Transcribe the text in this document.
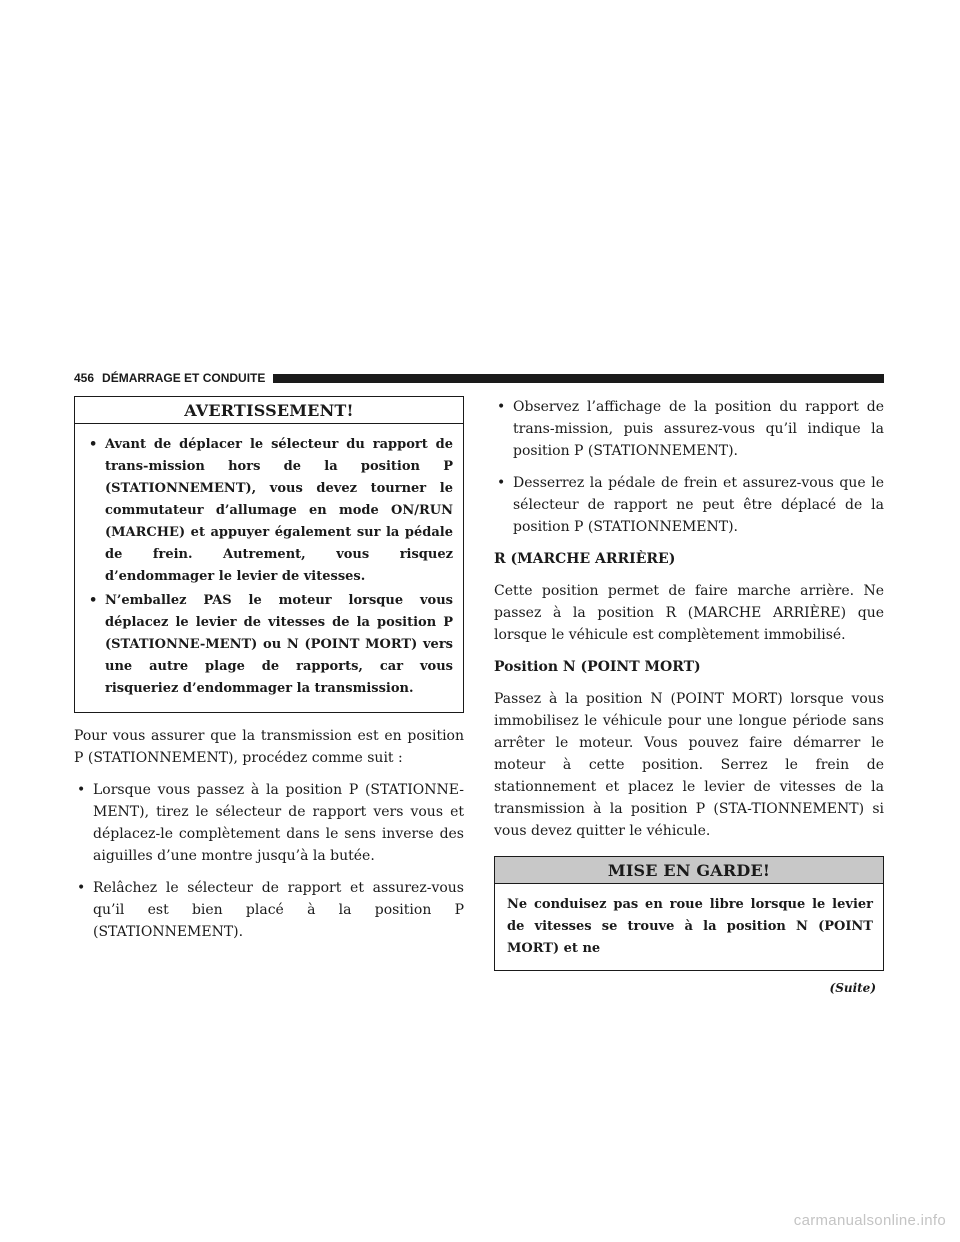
456 DÉMARRAGE ET CONDUITE
AVERTISSEMENT!
• Avant de déplacer le sélecteur du rapport de trans-mission hors de la position P (STATIONNEMENT), vous devez tourner le commutateur d’allumage en mode ON/RUN (MARCHE) et appuyer également sur la pédale de frein. Autrement, vous risquez d’endommager le levier de vitesses.
• N’emballez PAS le moteur lorsque vous déplacez le levier de vitesses de la position P (STATIONNE-MENT) ou N (POINT MORT) vers une autre plage de rapports, car vous risqueriez d’endommager la transmission.

Pour vous assurer que la transmission est en position P (STATIONNEMENT), procédez comme suit :

• Lorsque vous passez à la position P (STATIONNE-MENT), tirez le sélecteur de rapport vers vous et déplacez-le complètement dans le sens inverse des aiguilles d’une montre jusqu’à la butée.
• Relâchez le sélecteur de rapport et assurez-vous qu’il est bien placé à la position P (STATIONNEMENT).
• Observez l’affichage de la position du rapport de trans-mission, puis assurez-vous qu’il indique la position P (STATIONNEMENT).
• Desserrez la pédale de frein et assurez-vous que le sélecteur de rapport ne peut être déplacé de la position P (STATIONNEMENT).

R (MARCHE ARRIÈRE)

Cette position permet de faire marche arrière. Ne passez à la position R (MARCHE ARRIÈRE) que lorsque le véhicule est complètement immobilisé.

Position N (POINT MORT)

Passez à la position N (POINT MORT) lorsque vous immobilisez le véhicule pour une longue période sans arrêter le moteur. Vous pouvez faire démarrer le moteur à cette position. Serrez le frein de stationnement et placez le levier de vitesses de la transmission à la position P (STA-TIONNEMENT) si vous devez quitter le véhicule.

MISE EN GARDE!
Ne conduisez pas en roue libre lorsque le levier de vitesses se trouve à la position N (POINT MORT) et ne
(Suite)
carmanualsonline.info
